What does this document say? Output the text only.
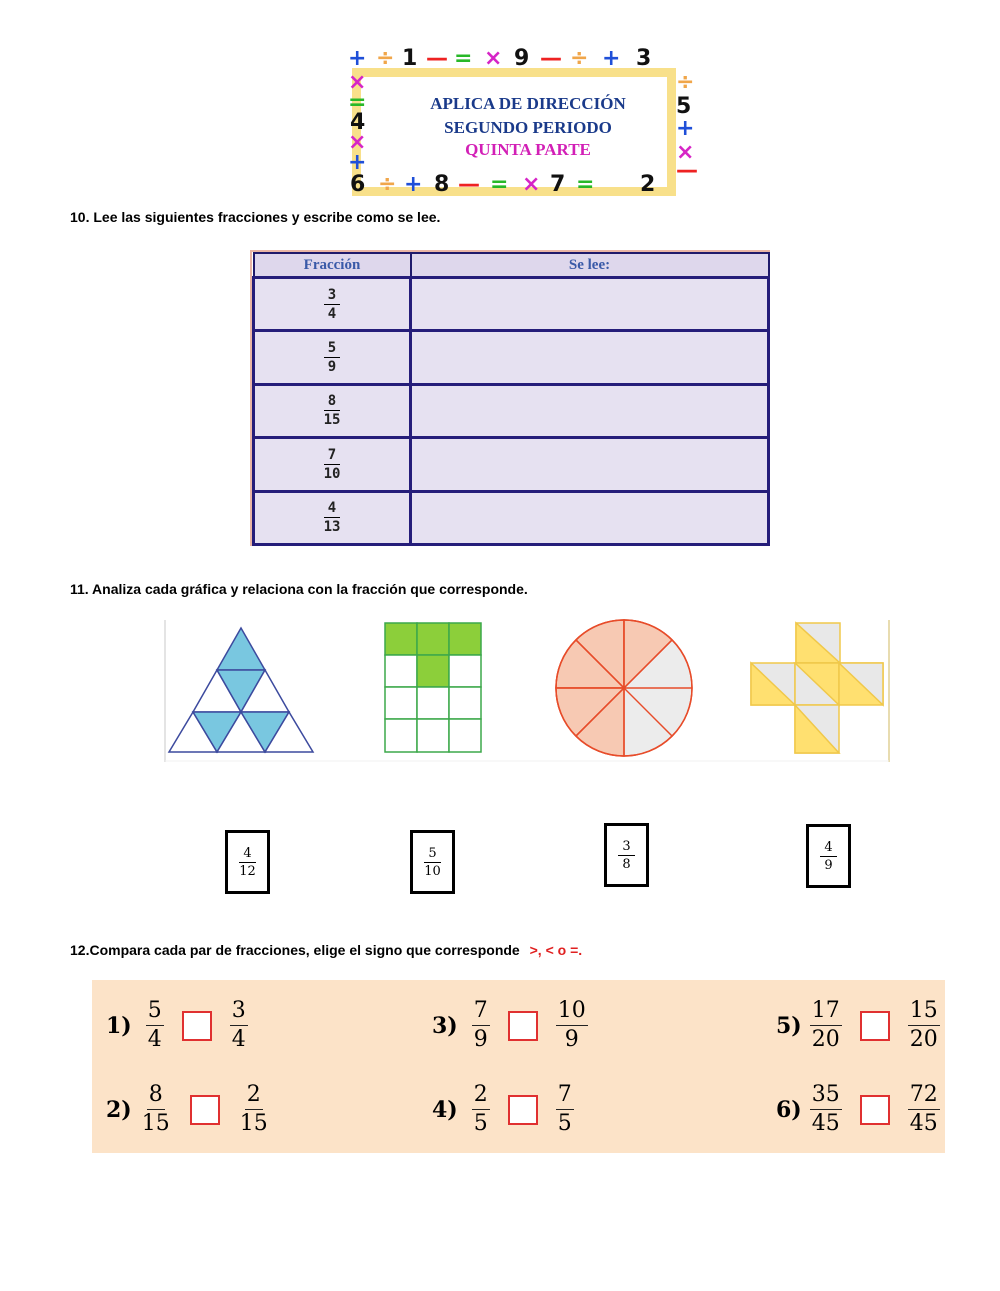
+ ÷ 1 — = × 9 — ÷ + 3
×
=
4
×
+
÷
5
+
×
—
6 ÷ + 8 — = × 7 = 2
APLICA DE DIRECCIÓN
SEGUNDO PERIODO
QUINTA PARTE
10. Lee las siguientes fracciones y escribe como se lee.
Fracción	Se lee:

$\frac{3}{4}$

$\frac{5}{9}$

$\frac{8}{15}$

$\frac{7}{10}$

$\frac{4}{13}$

11. Analiza cada gráfica y relaciona con la fracción que corresponde.
$\frac{4}{12}$	$\frac{5}{10}$	$\frac{3}{8}$	$\frac{4}{9}$
12.Compara cada par de fracciones, elige el signo que corresponde >, < o =.
$1) \frac{5}{4}$	$\frac{3}{4}$
$2) \frac{8}{15}$	$\frac{2}{15}$
$3) \frac{7}{9}$	$\frac{10}{9}$
$4) \frac{2}{5}$	$\frac{7}{5}$
$5) \frac{17}{20}$	$\frac{15}{20}$
$6) \frac{35}{45}$	$\frac{72}{45}$
